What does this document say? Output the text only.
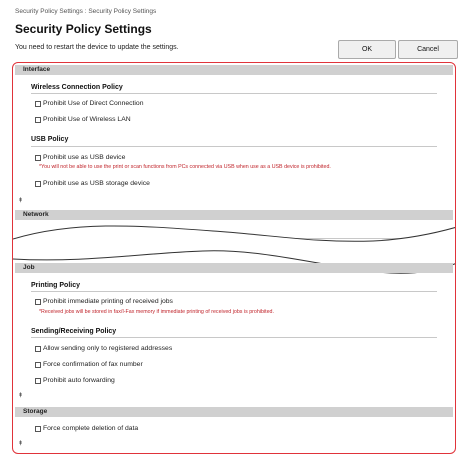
Security Policy Settings : Security Policy Settings
Security Policy Settings
You need to restart the device to update the settings.	OK	Cancel
Interface
Wireless Connection Policy
Prohibit Use of Direct Connection
Prohibit Use of Wireless LAN
USB Policy
Prohibit use as USB device
*You will not be able to use the print or scan functions from PCs connected via USB when use as a USB device is prohibited.
Prohibit use as USB storage device
⯒
Network
Job
Printing Policy
Prohibit immediate printing of received jobs
*Received jobs will be stored in fax/I-Fax memory if immediate printing of received jobs is prohibited.
Sending/Receiving Policy
Allow sending only to registered addresses
Force confirmation of fax number
Prohibit auto forwarding
⯒
Storage
Force complete deletion of data
⯒
